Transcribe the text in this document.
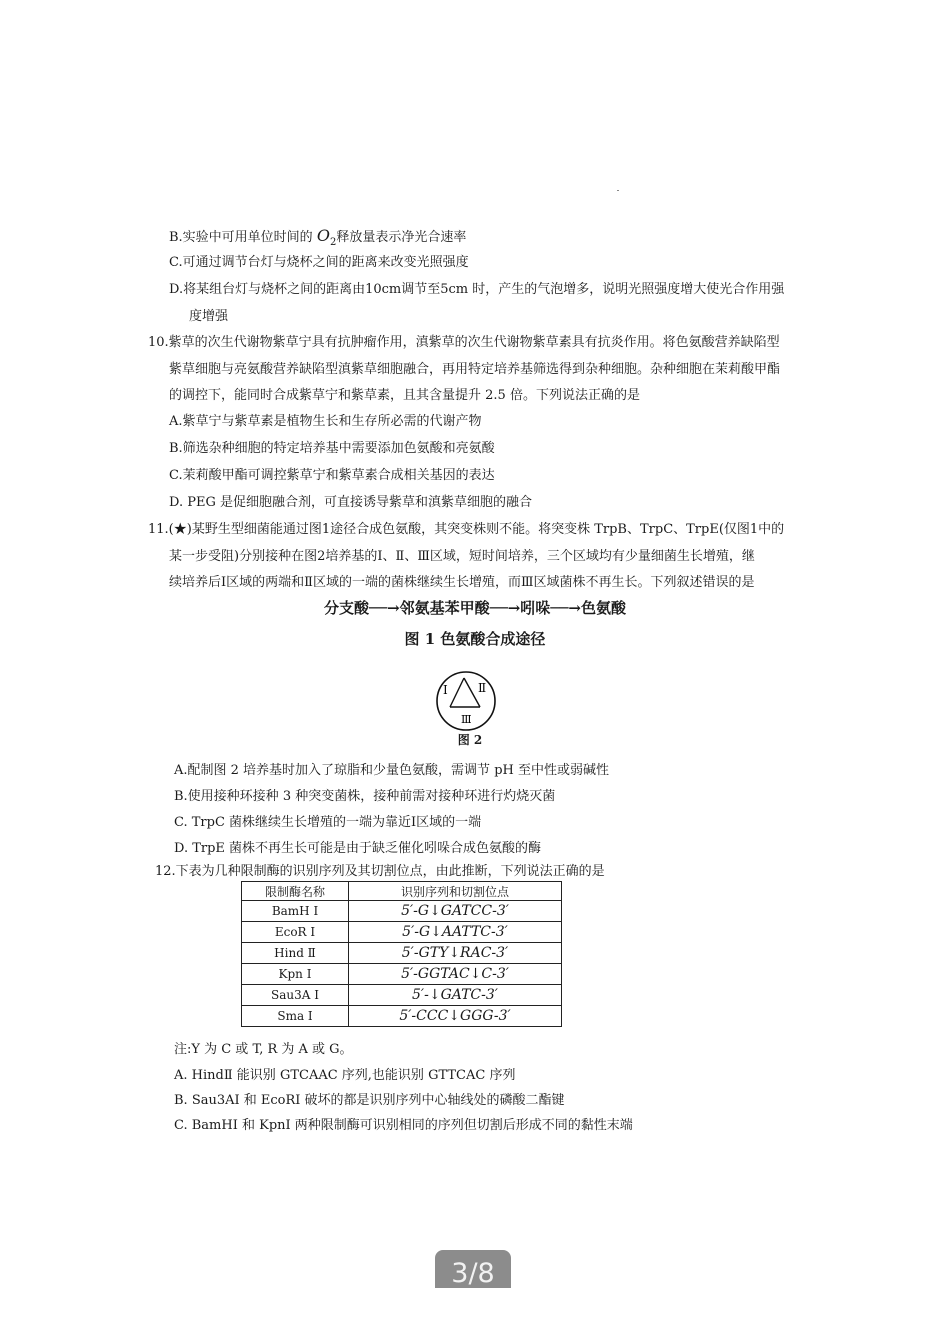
B.实验中可用单位时间的 $O_2$释放量表示净光合速率
C.可通过调节台灯与烧杯之间的距离来改变光照强度
D.将某组台灯与烧杯之间的距离由10cm调节至5cm 时，产生的气泡增多，说明光照强度增大使光合作用强
度增强
10.紫草的次生代谢物紫草宁具有抗肿瘤作用，滇紫草的次生代谢物紫草素具有抗炎作用。将色氨酸营养缺陷型
紫草细胞与亮氨酸营养缺陷型滇紫草细胞融合，再用特定培养基筛选得到杂种细胞。杂种细胞在茉莉酸甲酯
的调控下，能同时合成紫草宁和紫草素，且其含量提升 2.5 倍。下列说法正确的是
A.紫草宁与紫草素是植物生长和生存所必需的代谢产物
B.筛选杂种细胞的特定培养基中需要添加色氨酸和亮氨酸
C.茉莉酸甲酯可调控紫草宁和紫草素合成相关基因的表达
D. PEG 是促细胞融合剂，可直接诱导紫草和滇紫草细胞的融合
11.(★)某野生型细菌能通过图1途径合成色氨酸，其突变株则不能。将突变株 TrpB、TrpC、TrpE(仅图1中的
某一步受阻)分别接种在图2培养基的Ⅰ、Ⅱ、Ⅲ区域，短时间培养，三个区域均有少量细菌生长增殖，继
续培养后Ⅰ区域的两端和Ⅱ区域的一端的菌株继续生长增殖，而Ⅲ区域菌株不再生长。下列叙述错误的是
分支酸──→邻氨基苯甲酸──→吲哚──→色氨酸
图 1 色氨酸合成途径
Ⅰ	Ⅱ
Ⅲ
图 2
A.配制图 2 培养基时加入了琼脂和少量色氨酸，需调节 pH 至中性或弱碱性
B.使用接种环接种 3 种突变菌株，接种前需对接种环进行灼烧灭菌
C. TrpC 菌株继续生长增殖的一端为靠近Ⅰ区域的一端
D. TrpE 菌株不再生长可能是由于缺乏催化吲哚合成色氨酸的酶
12.下表为几种限制酶的识别序列及其切割位点，由此推断，下列说法正确的是
限制酶名称	识别序列和切割位点
BamH Ⅰ	5′-G↓GATCC-3′
EcoR Ⅰ	5′-G↓AATTC-3′
Hind Ⅱ	5′-GTY↓RAC-3′
Kpn Ⅰ	5′-GGTAC↓C-3′
Sau3A Ⅰ	5′-↓GATC-3′
Sma Ⅰ	5′-CCC↓GGG-3′
注:Y 为 C 或 T, R 为 A 或 G。
A. HindⅡ 能识别 GTCAAC 序列,也能识别 GTTCAC 序列
B. Sau3AⅠ 和 EcoRⅠ 破坏的都是识别序列中心轴线处的磷酸二酯键
C. BamHⅠ 和 KpnⅠ 两种限制酶可识别相同的序列但切割后形成不同的黏性末端
3/8
